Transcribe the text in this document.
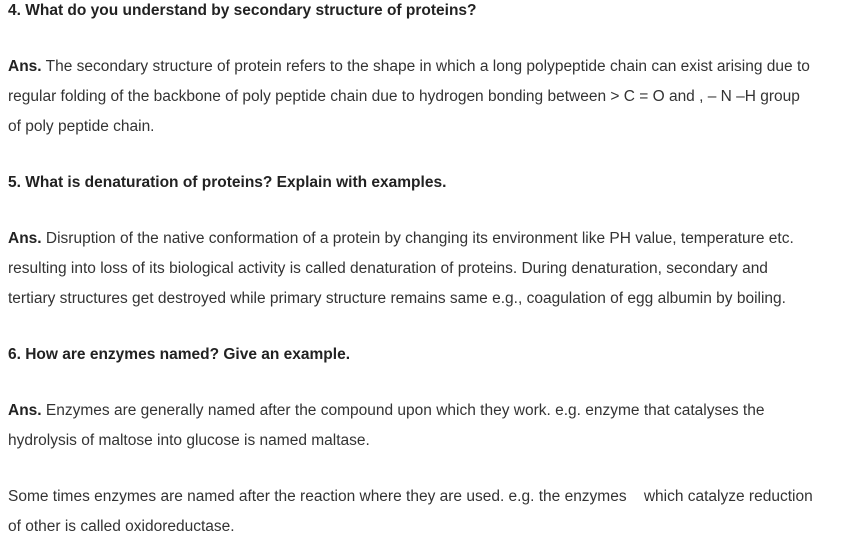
4. What do you understand by secondary structure of proteins?

Ans. The secondary structure of protein refers to the shape in which a long polypeptide chain can exist arising due to
regular folding of the backbone of poly peptide chain due to hydrogen bonding between > C = O and , – N –H group
of poly peptide chain.

5. What is denaturation of proteins? Explain with examples.

Ans. Disruption of the native conformation of a protein by changing its environment like PH value, temperature etc.
resulting into loss of its biological activity is called denaturation of proteins. During denaturation, secondary and
tertiary structures get destroyed while primary structure remains same e.g., coagulation of egg albumin by boiling.

6. How are enzymes named? Give an example.

Ans. Enzymes are generally named after the compound upon which they work. e.g. enzyme that catalyses the
hydrolysis of maltose into glucose is named maltase.

Some times enzymes are named after the reaction where they are used. e.g. the enzymes    which catalyze reduction
of other is called oxidoreductase.
